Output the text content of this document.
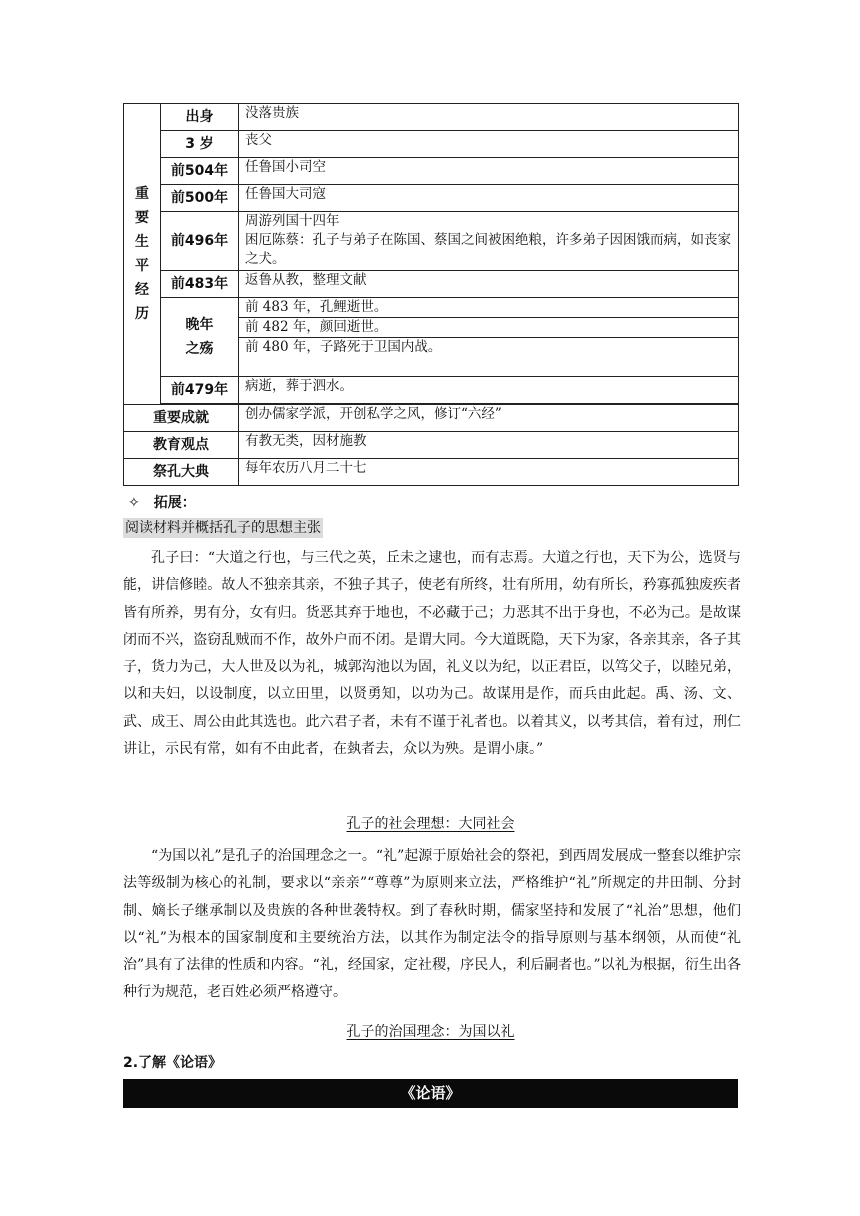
重要生平经历	出身	没落贵族
	3 岁	丧父
	前504年	任鲁国小司空
	前500年	任鲁国大司寇
	前496年	周游列国十四年
困厄陈蔡：孔子与弟子在陈国、蔡国之间被困绝粮，许多弟子因困饿而病，如丧家之犬。

	前483年	返鲁从教，整理文献
	晚年之殇	前 483 年，孔鲤逝世。
		前 482 年，颜回逝世。
		前 480 年，子路死于卫国内战。
	前479年	病逝，葬于泗水。

重要成就		创办儒家学派，开创私学之风，修订“六经”
教育观点		有教无类，因材施教
祭孔大典		每年农历八月二十七
✧ 拓展：
阅读材料并概括孔子的思想主张

孔子曰：“大道之行也，与三代之英，丘未之逮也，而有志焉。大道之行也，天下为公，选贤与能，讲信修睦。故人不独亲其亲，不独子其子，使老有所终，壮有所用，幼有所长，矜寡孤独废疾者皆有所养，男有分，女有归。货恶其弃于地也，不必藏于己；力恶其不出于身也，不必为己。是故谋闭而不兴，盗窃乱贼而不作，故外户而不闭。是谓大同。今大道既隐，天下为家，各亲其亲，各子其子，货力为己，大人世及以为礼，城郭沟池以为固，礼义以为纪，以正君臣，以笃父子，以睦兄弟，以和夫妇，以设制度，以立田里，以贤勇知，以功为己。故谋用是作，而兵由此起。禹、汤、文、武、成王、周公由此其选也。此六君子者，未有不谨于礼者也。以着其义，以考其信，着有过，刑仁讲让，示民有常，如有不由此者，在埶者去，众以为殃。是谓小康。”

孔子的社会理想：大同社会

“为国以礼”是孔子的治国理念之一。“礼”起源于原始社会的祭祀，到西周发展成一整套以维护宗法等级制为核心的礼制，要求以“亲亲”“尊尊”为原则来立法，严格维护“礼”所规定的井田制、分封制、嫡长子继承制以及贵族的各种世袭特权。到了春秋时期，儒家坚持和发展了“礼治”思想，他们以“礼”为根本的国家制度和主要统治方法，以其作为制定法令的指导原则与基本纲领，从而使“礼治”具有了法律的性质和内容。“礼，经国家，定社稷，序民人，利后嗣者也。”以礼为根据，衍生出各种行为规范，老百姓必须严格遵守。

孔子的治国理念：为国以礼
2.了解《论语》
《论语》
